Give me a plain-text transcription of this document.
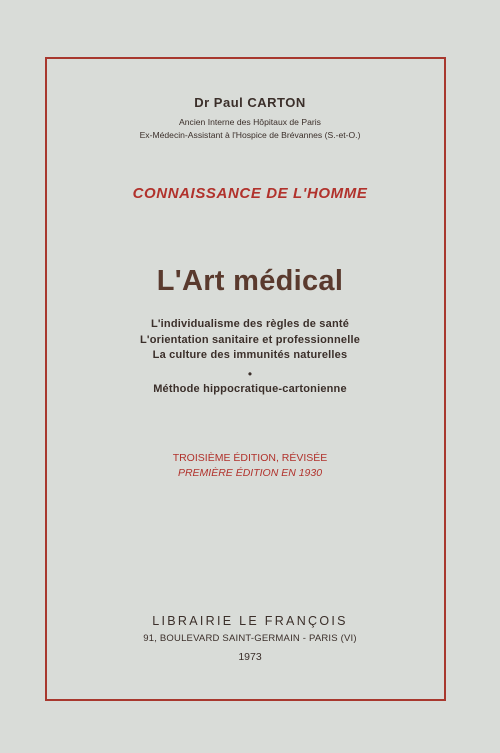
Dr Paul CARTON
Ancien Interne des Hôpitaux de Paris
Ex-Médecin-Assistant à l'Hospice de Brévannes (S.-et-O.)
CONNAISSANCE DE L'HOMME
L'Art médical
L'individualisme des règles de santé
L'orientation sanitaire et professionnelle
La culture des immunités naturelles
•
Méthode hippocratique-cartonienne
TROISIÈME ÉDITION, RÉVISÉE
PREMIÈRE ÉDITION EN 1930
LIBRAIRIE LE FRANÇOIS
91, BOULEVARD SAINT-GERMAIN - PARIS (VI)
1973
